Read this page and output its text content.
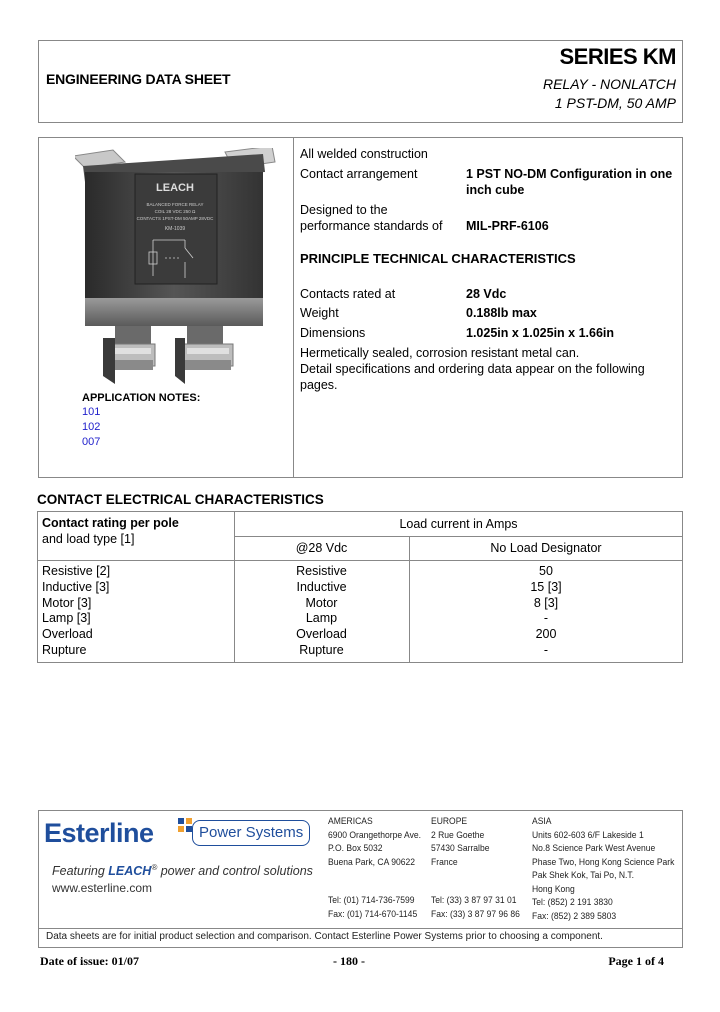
ENGINEERING DATA SHEET
SERIES KM
RELAY - NONLATCH
1 PST-DM, 50 AMP
LEACH
BALANCED FORCE RELAY
COIL 28 VDC 250 Ω
CONTACTS 1PST-DM 50AMP 28VDC
KM-1039
APPLICATION NOTES:
101
102
007
All welded construction
Contact arrangement	1 PST NO-DM Configuration in one
inch cube
Designed to the
performance standards of MIL-PRF-6106
PRINCIPLE TECHNICAL CHARACTERISTICS
Contacts rated at	28 Vdc
Weight	0.188lb max
Dimensions	1.025in x 1.025in x 1.66in
Hermetically sealed, corrosion resistant metal can.
Detail specifications and ordering data appear on the following
pages.
CONTACT ELECTRICAL CHARACTERISTICS
Contact rating per pole
and load type [1]
Load current in Amps
@28 Vdc	No Load Designator
Resistive [2]	Resistive	50
Inductive [3]	Inductive	15 [3]
Motor [3]	Motor	8 [3]
Lamp [3]	Lamp	-
Overload	Overload	200
Rupture	Rupture	-
Esterline	Power Systems
Featuring LEACH® power and control solutions
www.esterline.com
AMERICAS
6900 Orangethorpe Ave.
P.O. Box 5032
Buena Park, CA 90622
Tel: (01) 714-736-7599
Fax: (01) 714-670-1145
EUROPE
2 Rue Goethe
57430 Sarralbe
France
Tel: (33) 3 87 97 31 01
Fax: (33) 3 87 97 96 86
ASIA
Units 602-603 6/F Lakeside 1
No.8 Science Park West Avenue
Phase Two, Hong Kong Science Park
Pak Shek Kok, Tai Po, N.T.
Hong Kong
Tel: (852) 2 191 3830
Fax: (852) 2 389 5803
Data sheets are for initial product selection and comparison. Contact Esterline Power Systems prior to choosing a component.
Date of issue: 01/07	- 180 -	Page 1 of 4
